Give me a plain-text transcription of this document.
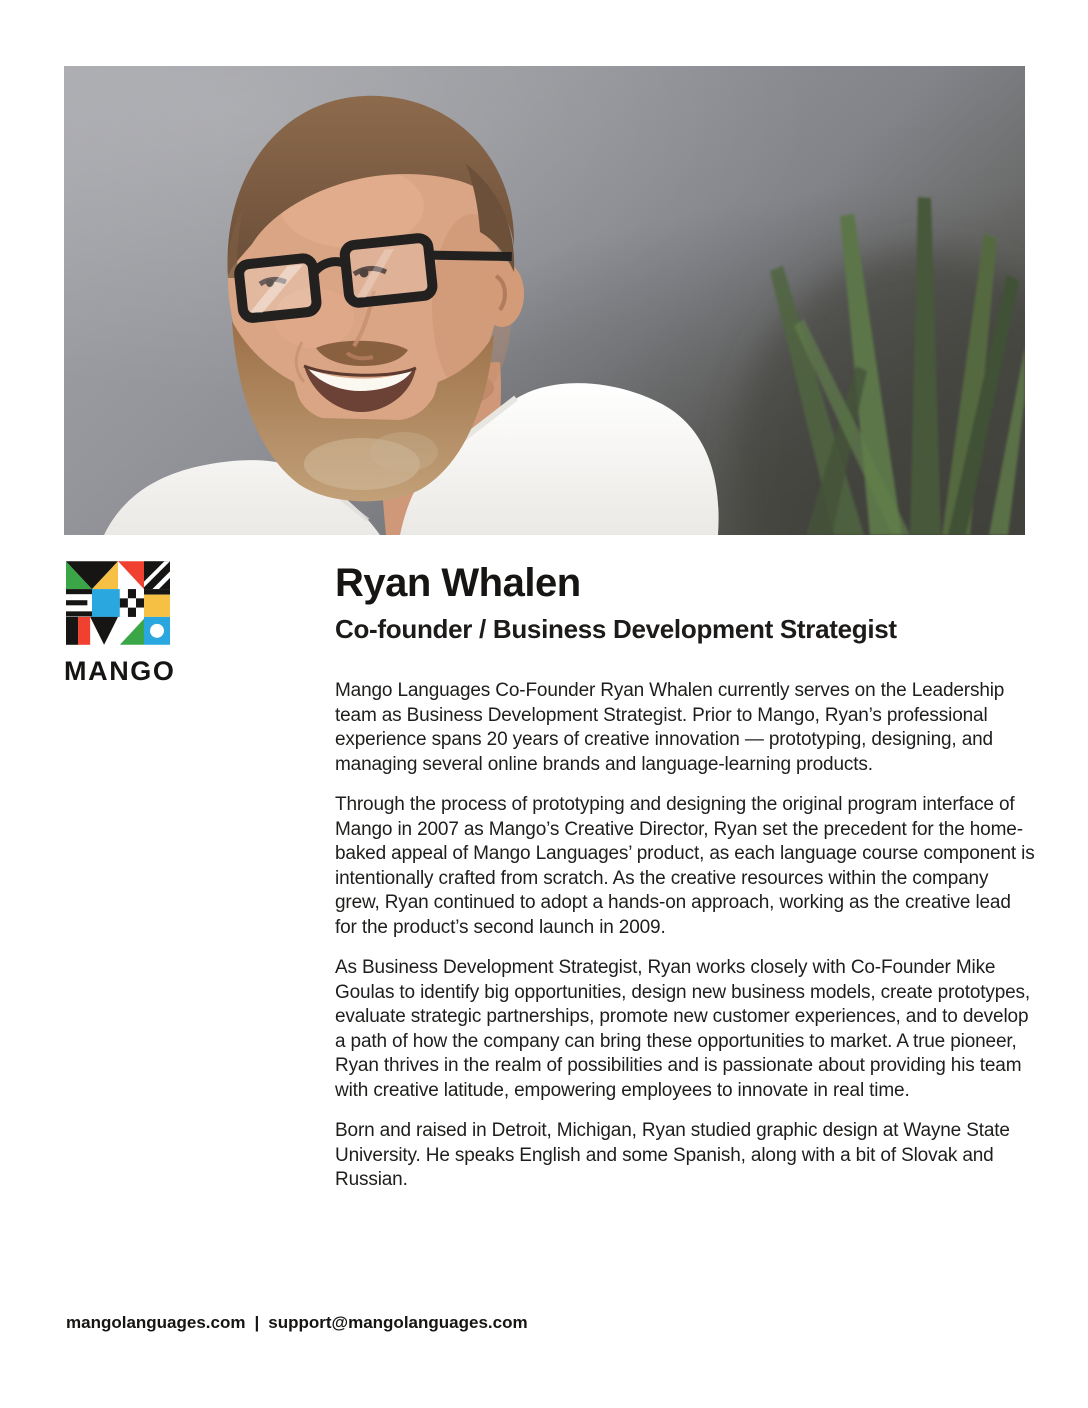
MANGO
Ryan Whalen
Co-founder / Business Development Strategist

Mango Languages Co-Founder Ryan Whalen currently serves on the Leadership team as Business Development Strategist. Prior to Mango, Ryan’s professional experience spans 20 years of creative innovation — prototyping, designing, and managing several online brands and language-learning products.

Through the process of prototyping and designing the original program interface of Mango in 2007 as Mango’s Creative Director, Ryan set the precedent for the home-baked appeal of Mango Languages’ product, as each language course component is intentionally crafted from scratch. As the creative resources within the company grew, Ryan continued to adopt a hands-on approach, working as the creative lead for the product’s second launch in 2009.

As Business Development Strategist, Ryan works closely with Co-Founder Mike Goulas to identify big opportunities, design new business models, create prototypes, evaluate strategic partnerships, promote new customer experiences, and to develop a path of how the company can bring these opportunities to market. A true pioneer, Ryan thrives in the realm of possibilities and is passionate about providing his team with creative latitude, empowering employees to innovate in real time.

Born and raised in Detroit, Michigan, Ryan studied graphic design at Wayne State University. He speaks English and some Spanish, along with a bit of Slovak and Russian.

mangolanguages.com | support@mangolanguages.com
